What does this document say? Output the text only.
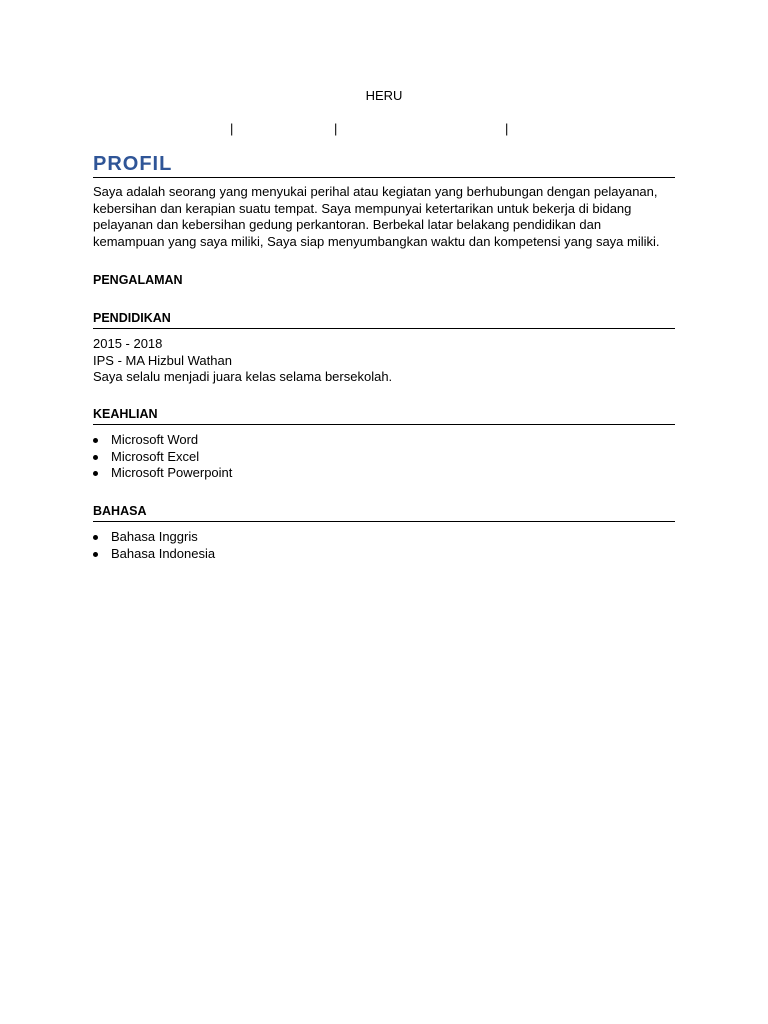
HERU
|	|	|
PROFIL

Saya adalah seorang yang menyukai perihal atau kegiatan yang berhubungan dengan pelayanan, kebersihan dan kerapian suatu tempat. Saya mempunyai ketertarikan untuk bekerja di bidang pelayanan dan kebersihan gedung perkantoran. Berbekal latar belakang pendidikan dan kemampuan yang saya miliki, Saya siap menyumbangkan waktu dan kompetensi yang saya miliki.

PENGALAMAN
PENDIDIKAN
2015 - 2018
IPS - MA Hizbul Wathan
Saya selalu menjadi juara kelas selama bersekolah.
KEAHLIAN
Microsoft Word
Microsoft Excel
Microsoft Powerpoint
BAHASA
Bahasa Inggris
Bahasa Indonesia
